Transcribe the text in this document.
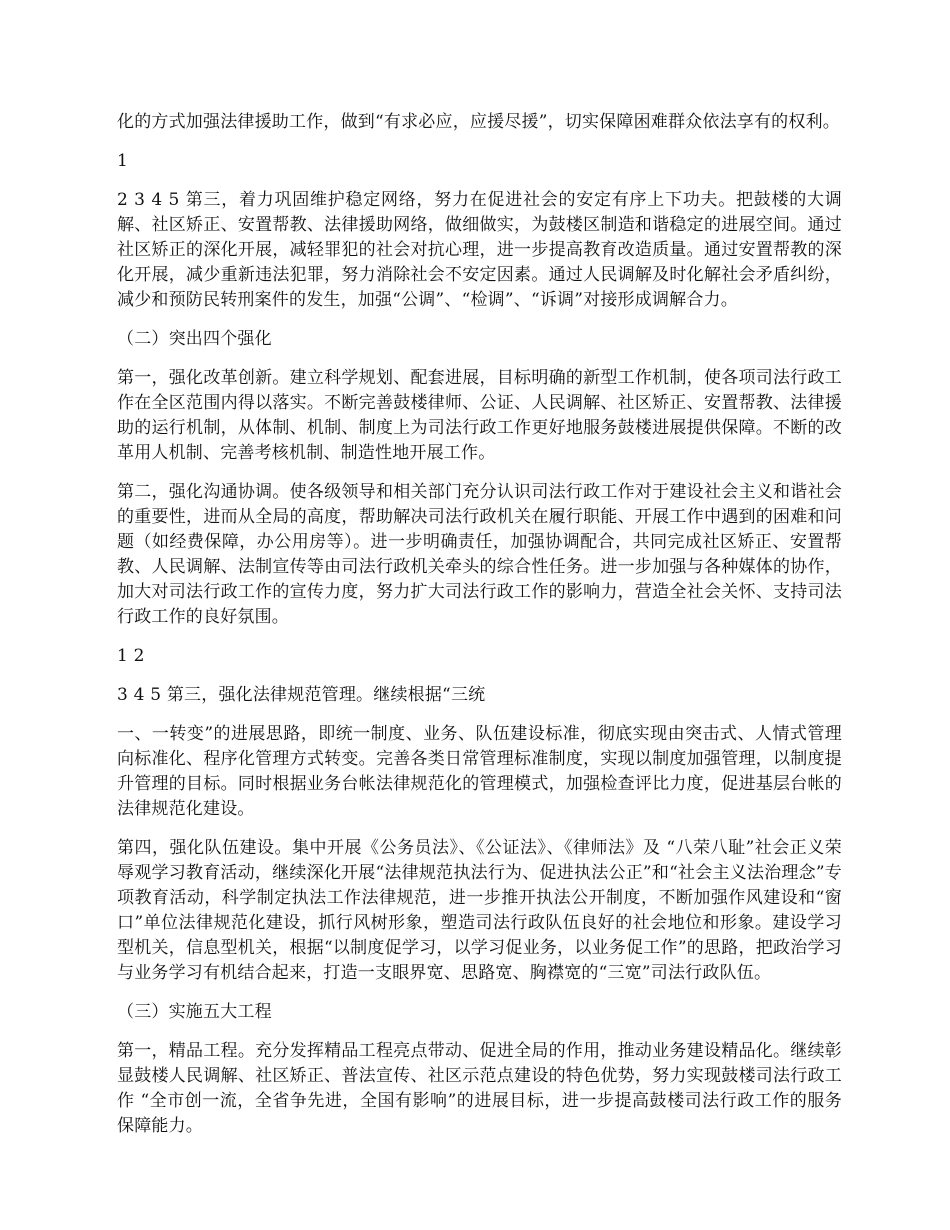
化的方式加强法律援助工作，做到“有求必应，应援尽援”，切实保障困难群众依法享有的权利。

1

2 3 4 5 第三，着力巩固维护稳定网络，努力在促进社会的安定有序上下功夫。把鼓楼的大调解、社区矫正、安置帮教、法律援助网络，做细做实，为鼓楼区制造和谐稳定的进展空间。通过社区矫正的深化开展，减轻罪犯的社会对抗心理，进一步提高教育改造质量。通过安置帮教的深化开展，减少重新违法犯罪，努力消除社会不安定因素。通过人民调解及时化解社会矛盾纠纷，减少和预防民转刑案件的发生，加强“公调”、“检调”、“诉调”对接形成调解合力。

（二）突出四个强化

第一，强化改革创新。建立科学规划、配套进展，目标明确的新型工作机制，使各项司法行政工作在全区范围内得以落实。不断完善鼓楼律师、公证、人民调解、社区矫正、安置帮教、法律援助的运行机制，从体制、机制、制度上为司法行政工作更好地服务鼓楼进展提供保障。不断的改革用人机制、完善考核机制、制造性地开展工作。

第二，强化沟通协调。使各级领导和相关部门充分认识司法行政工作对于建设社会主义和谐社会的重要性，进而从全局的高度，帮助解决司法行政机关在履行职能、开展工作中遇到的困难和问题（如经费保障，办公用房等）。进一步明确责任，加强协调配合，共同完成社区矫正、安置帮教、人民调解、法制宣传等由司法行政机关牵头的综合性任务。进一步加强与各种媒体的协作，加大对司法行政工作的宣传力度，努力扩大司法行政工作的影响力，营造全社会关怀、支持司法行政工作的良好氛围。

1 2

3 4 5 第三，强化法律规范管理。继续根据“三统

一、一转变”的进展思路，即统一制度、业务、队伍建设标准，彻底实现由突击式、人情式管理向标准化、程序化管理方式转变。完善各类日常管理标准制度，实现以制度加强管理，以制度提升管理的目标。同时根据业务台帐法律规范化的管理模式，加强检查评比力度，促进基层台帐的法律规范化建设。

第四，强化队伍建设。集中开展《公务员法》、《公证法》、《律师法》及 “八荣八耻”社会正义荣辱观学习教育活动，继续深化开展“法律规范执法行为、促进执法公正”和“社会主义法治理念”专项教育活动，科学制定执法工作法律规范，进一步推开执法公开制度，不断加强作风建设和“窗口”单位法律规范化建设，抓行风树形象，塑造司法行政队伍良好的社会地位和形象。建设学习型机关，信息型机关，根据“以制度促学习，以学习促业务，以业务促工作”的思路，把政治学习与业务学习有机结合起来，打造一支眼界宽、思路宽、胸襟宽的“三宽”司法行政队伍。

（三）实施五大工程

第一，精品工程。充分发挥精品工程亮点带动、促进全局的作用，推动业务建设精品化。继续彰显鼓楼人民调解、社区矫正、普法宣传、社区示范点建设的特色优势，努力实现鼓楼司法行政工作 “全市创一流，全省争先进，全国有影响”的进展目标，进一步提高鼓楼司法行政工作的服务保障能力。
